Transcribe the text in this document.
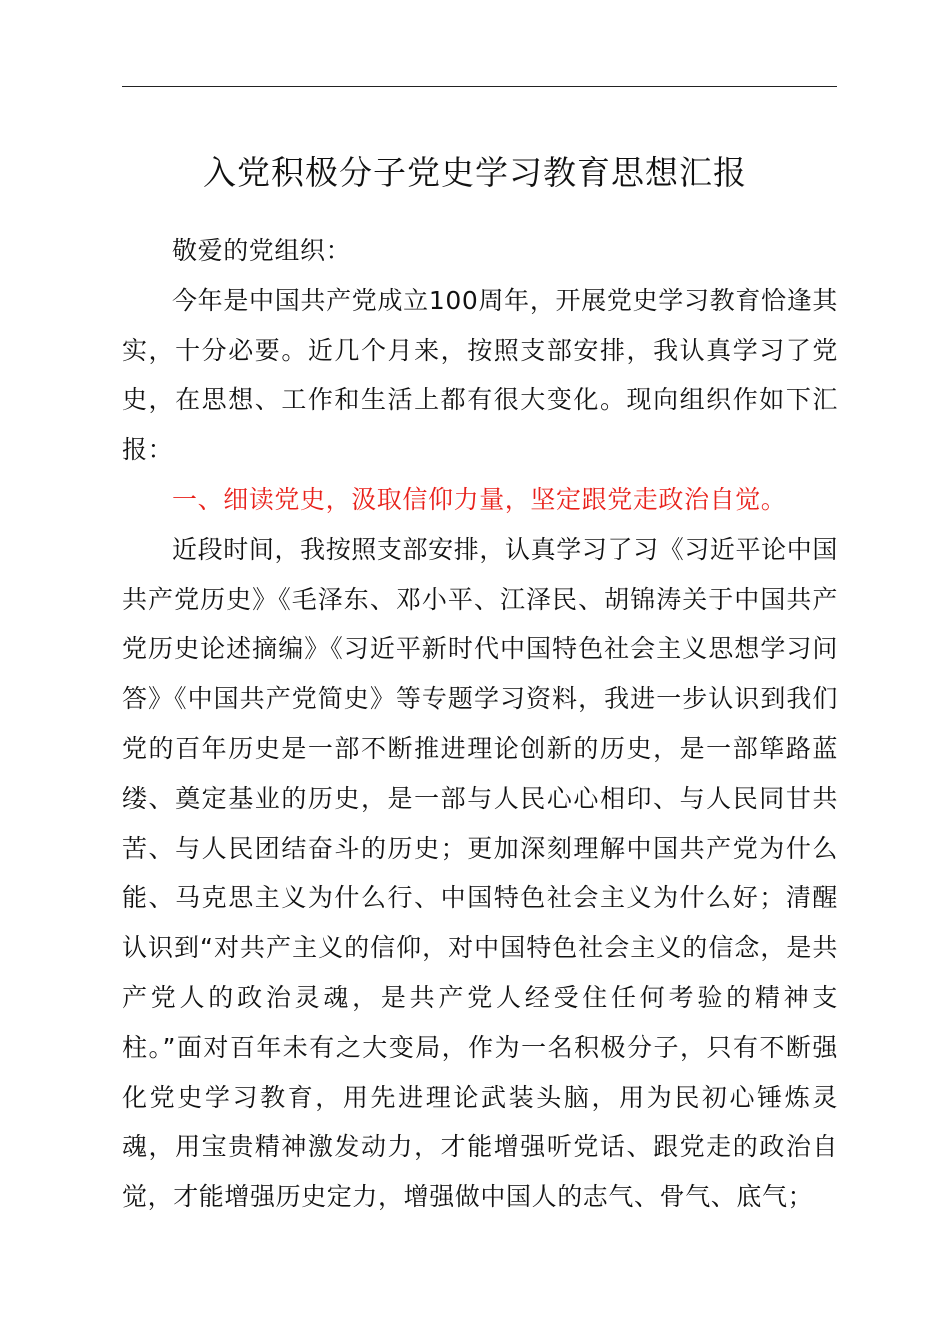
入党积极分子党史学习教育思想汇报

敬爱的党组织：

今年是中国共产党成立100周年，开展党史学习教育恰逢其实，十分必要。近几个月来，按照支部安排，我认真学习了党史，在思想、工作和生活上都有很大变化。现向组织作如下汇报：

一、细读党史，汲取信仰力量，坚定跟党走政治自觉。

近段时间，我按照支部安排，认真学习了习《习近平论中国共产党历史》《毛泽东、邓小平、江泽民、胡锦涛关于中国共产党历史论述摘编》《习近平新时代中国特色社会主义思想学习问答》《中国共产党简史》等专题学习资料，我进一步认识到我们党的百年历史是一部不断推进理论创新的历史，是一部筚路蓝缕、奠定基业的历史，是一部与人民心心相印、与人民同甘共苦、与人民团结奋斗的历史；更加深刻理解中国共产党为什么能、马克思主义为什么行、中国特色社会主义为什么好；清醒认识到“对共产主义的信仰，对中国特色社会主义的信念，是共产党人的政治灵魂，是共产党人经受住任何考验的精神支柱。”面对百年未有之大变局，作为一名积极分子，只有不断强化党史学习教育，用先进理论武装头脑，用为民初心锤炼灵魂，用宝贵精神激发动力，才能增强听党话、跟党走的政治自觉，才能增强历史定力，增强做中国人的志气、骨气、底气；
